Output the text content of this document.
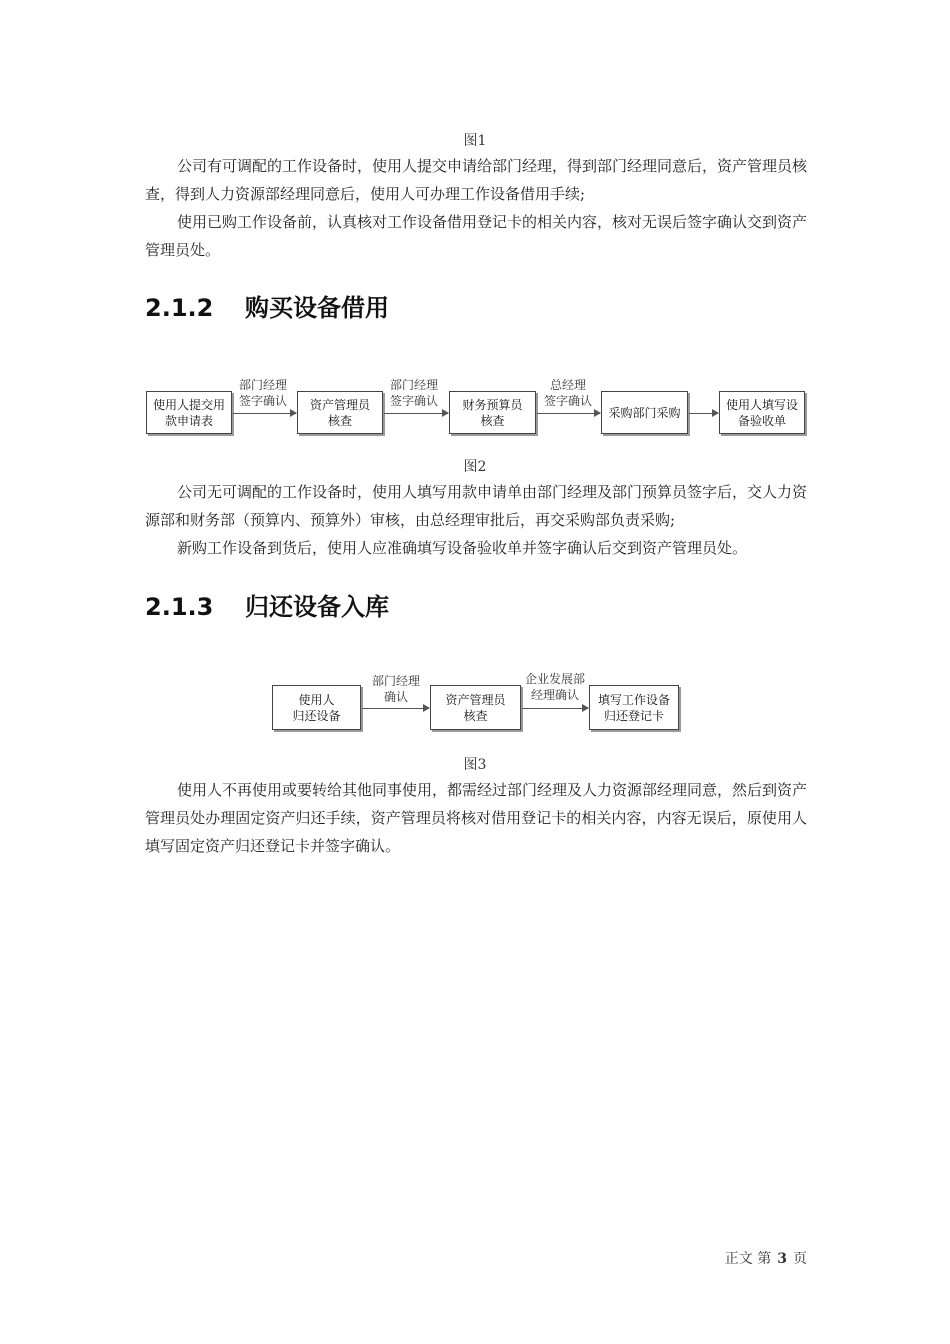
图1

公司有可调配的工作设备时，使用人提交申请给部门经理，得到部门经理同意后，资产管理员核查，得到人力资源部经理同意后，使用人可办理工作设备借用手续;

使用已购工作设备前，认真核对工作设备借用登记卡的相关内容，核对无误后签字确认交到资产管理员处。

2.1.2 购买设备借用
使用人提交用
款申请表
部门经理
签字确认	资产管理员
核查
部门经理
签字确认	财务预算员
核查
总经理
签字确认
采购部门采购
使用人填写设
备验收单
图2

公司无可调配的工作设备时，使用人填写用款申请单由部门经理及部门预算员签字后，交人力资源部和财务部（预算内、预算外）审核，由总经理审批后，再交采购部负责采购;

新购工作设备到货后，使用人应准确填写设备验收单并签字确认后交到资产管理员处。

2.1.3 归还设备入库
使用人
归还设备
部门经理
确认	资产管理员
核查
企业发展部
经理确认	填写工作设备
归还登记卡
图3

使用人不再使用或要转给其他同事使用，都需经过部门经理及人力资源部经理同意，然后到资产管理员处办理固定资产归还手续，资产管理员将核对借用登记卡的相关内容，内容无误后，原使用人填写固定资产归还登记卡并签字确认。

正文 第 3 页
